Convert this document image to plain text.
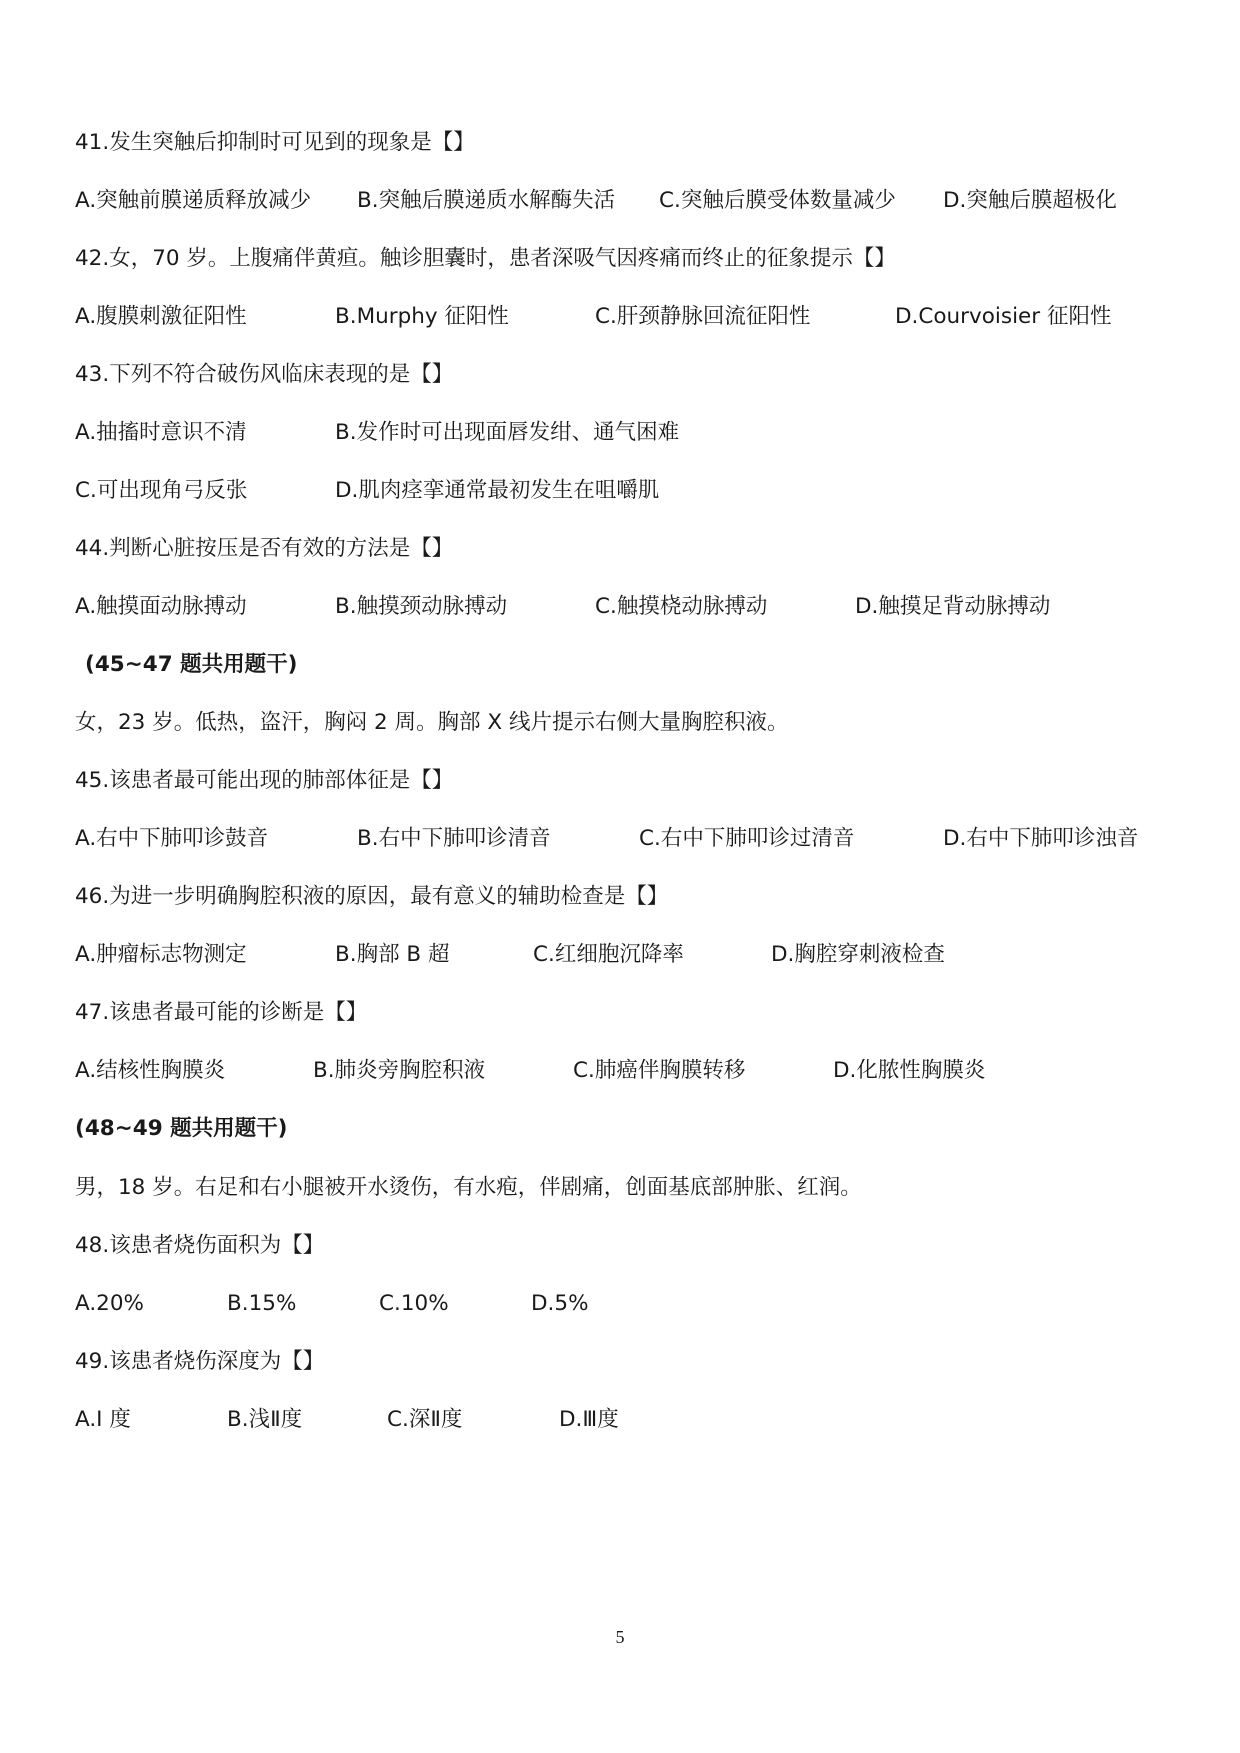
41.发生突触后抑制时可见到的现象是【】
A.突触前膜递质释放减少 B.突触后膜递质水解酶失活 C.突触后膜受体数量减少 D.突触后膜超极化
42.女，70 岁。上腹痛伴黄疸。触诊胆囊时，患者深吸气因疼痛而终止的征象提示【】
A.腹膜刺激征阳性	B.Murphy 征阳性	C.肝颈静脉回流征阳性	D.Courvoisier 征阳性
43.下列不符合破伤风临床表现的是【】
A.抽搐时意识不清	B.发作时可出现面唇发绀、通气困难
C.可出现角弓反张	D.肌肉痉挛通常最初发生在咀嚼肌
44.判断心脏按压是否有效的方法是【】
A.触摸面动脉搏动	B.触摸颈动脉搏动	C.触摸桡动脉搏动	D.触摸足背动脉搏动
(45~47 题共用题干)
女，23 岁。低热，盗汗，胸闷 2 周。胸部 X 线片提示右侧大量胸腔积液。
45.该患者最可能出现的肺部体征是【】
A.右中下肺叩诊鼓音	B.右中下肺叩诊清音	C.右中下肺叩诊过清音	D.右中下肺叩诊浊音
46.为进一步明确胸腔积液的原因，最有意义的辅助检查是【】
A.肿瘤标志物测定	B.胸部 B 超	C.红细胞沉降率	D.胸腔穿刺液检查
47.该患者最可能的诊断是【】
A.结核性胸膜炎	B.肺炎旁胸腔积液	C.肺癌伴胸膜转移	D.化脓性胸膜炎
(48~49 题共用题干)
男，18 岁。右足和右小腿被开水烫伤，有水疱，伴剧痛，创面基底部肿胀、红润。
48.该患者烧伤面积为【】
A.20%	B.15%	C.10%	D.5%
49.该患者烧伤深度为【】
A.I 度	B.浅Ⅱ度	C.深Ⅱ度	D.Ⅲ度
5
